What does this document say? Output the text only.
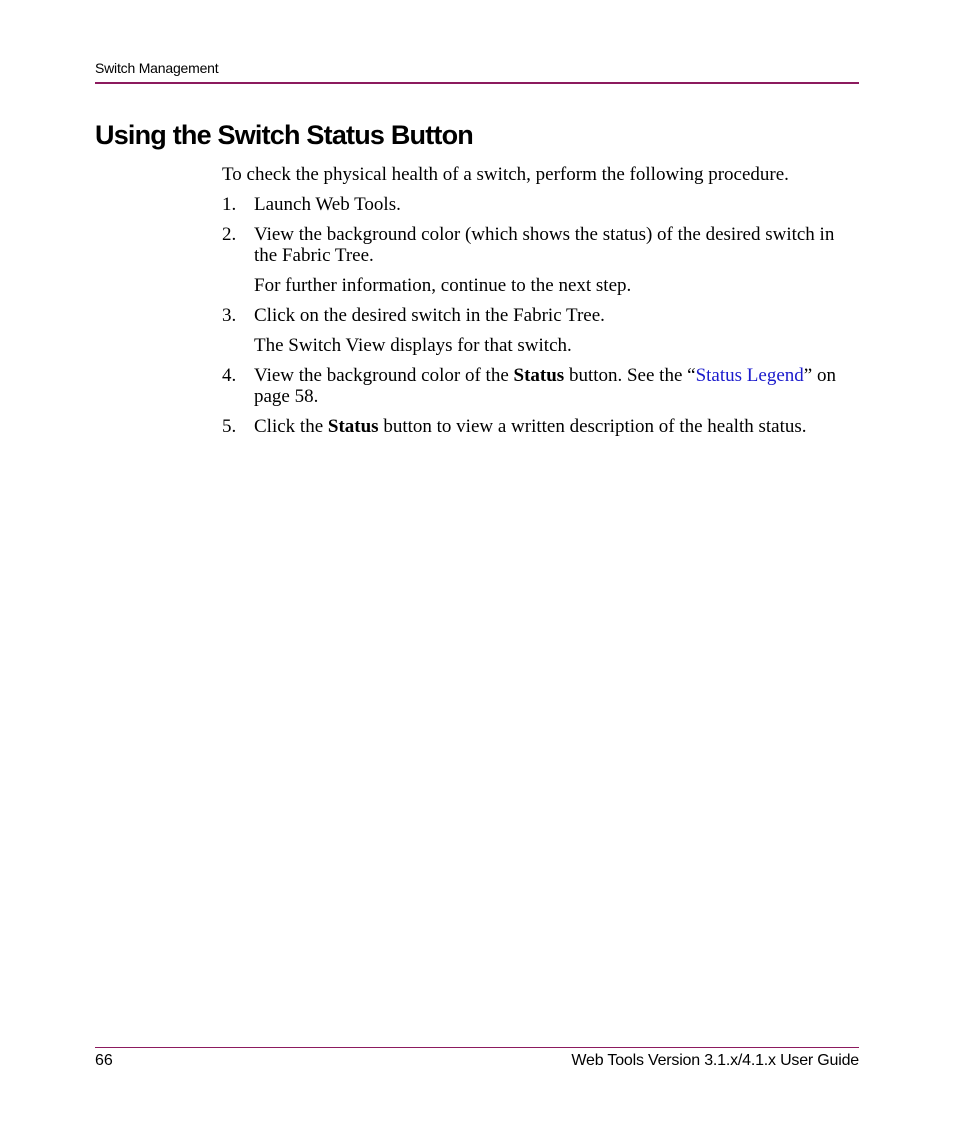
Switch Management
Using the Switch Status Button

To check the physical health of a switch, perform the following procedure.

1. Launch Web Tools.
2. View the background color (which shows the status) of the desired switch in the Fabric Tree.

For further information, continue to the next step.

3. Click on the desired switch in the Fabric Tree.

The Switch View displays for that switch.

4. View the background color of the Status button. See the “Status Legend” on page 58.
5. Click the Status button to view a written description of the health status.
66	Web Tools Version 3.1.x/4.1.x User Guide
